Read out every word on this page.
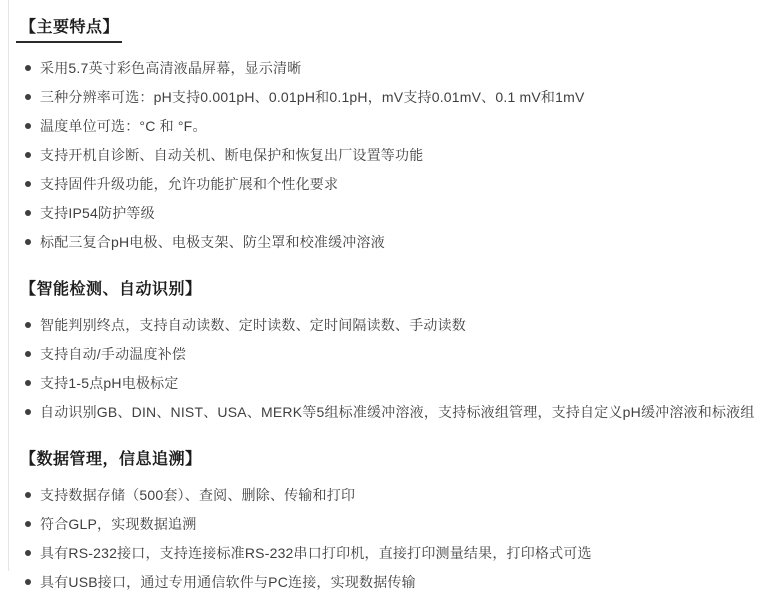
【主要特点】
采用5.7英寸彩色高清液晶屏幕，显示清晰
三种分辨率可选：pH支持0.001pH、0.01pH和0.1pH，mV支持0.01mV、0.1 mV和1mV
温度单位可选：°C 和 °F。
支持开机自诊断、自动关机、断电保护和恢复出厂设置等功能
支持固件升级功能，允许功能扩展和个性化要求
支持IP54防护等级
标配三复合pH电极、电极支架、防尘罩和校准缓冲溶液
【智能检测、自动识别】
智能判别终点，支持自动读数、定时读数、定时间隔读数、手动读数
支持自动/手动温度补偿
支持1-5点pH电极标定
自动识别GB、DIN、NIST、USA、MERK等5组标准缓冲溶液，支持标液组管理，支持自定义pH缓冲溶液和标液组
【数据管理，信息追溯】
支持数据存储（500套）、查阅、删除、传输和打印
符合GLP，实现数据追溯
具有RS-232接口，支持连接标准RS-232串口打印机，直接打印测量结果，打印格式可选
具有USB接口，通过专用通信软件与PC连接，实现数据传输
